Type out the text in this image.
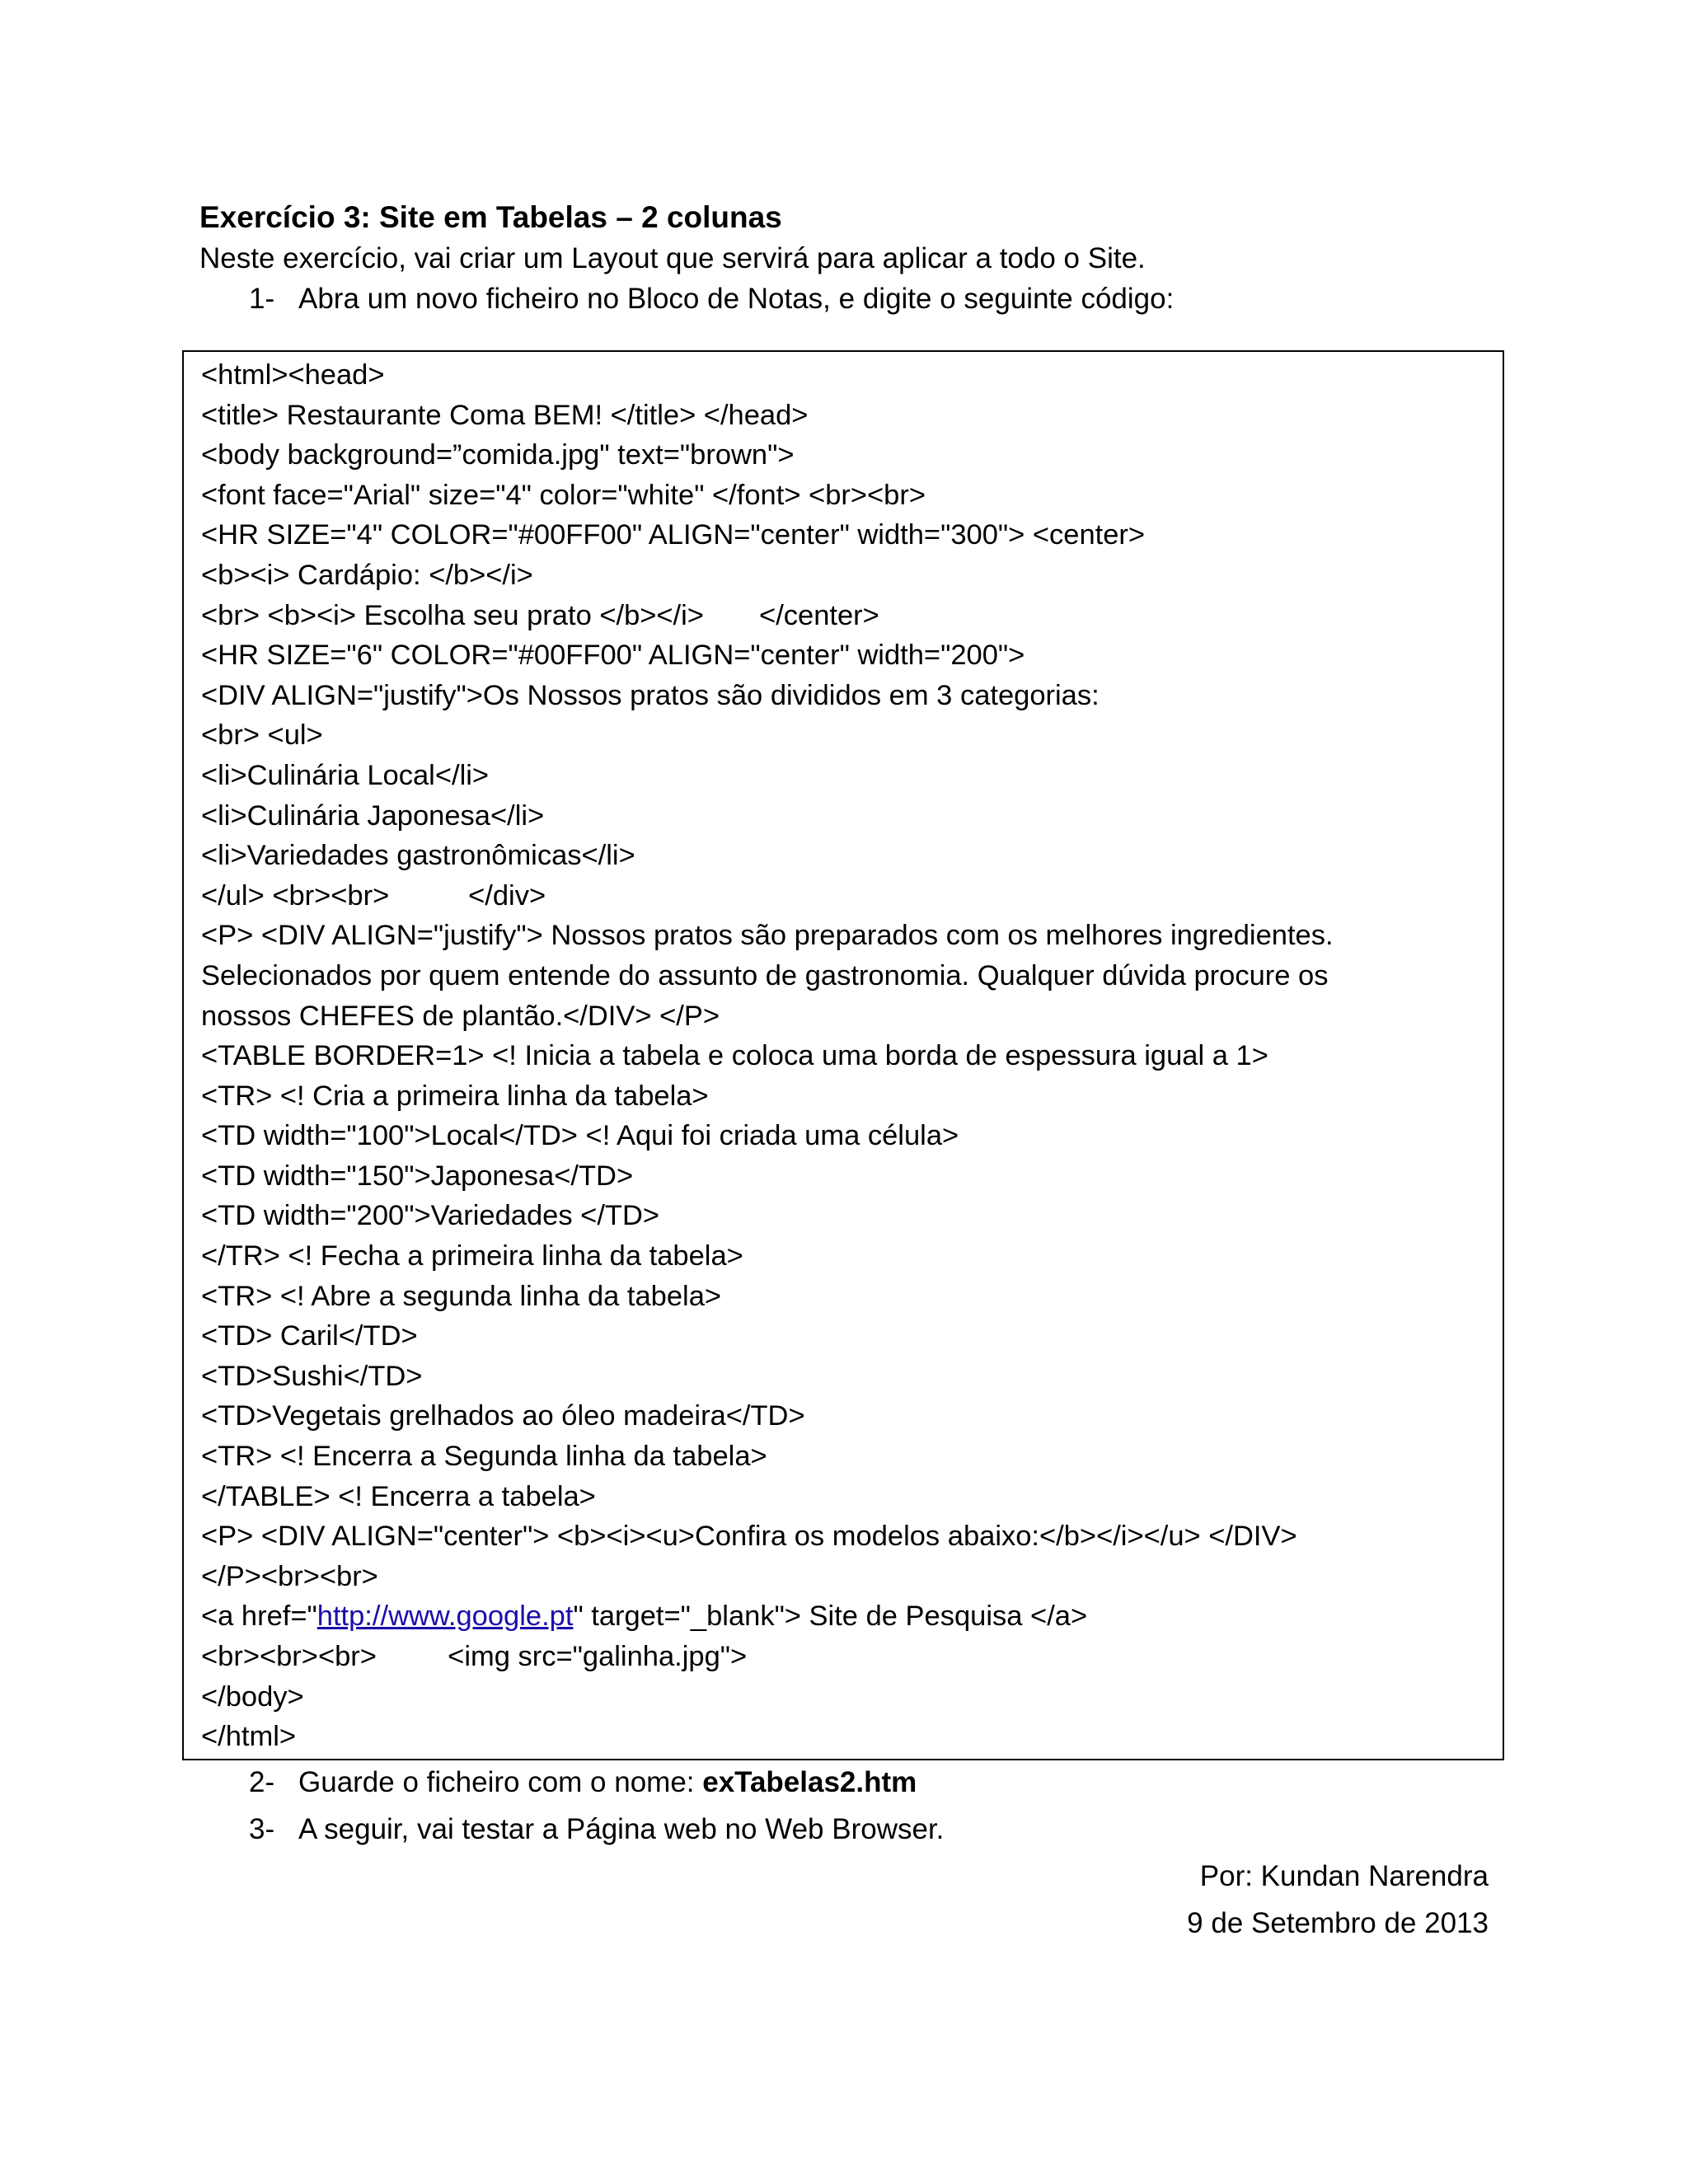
Exercício 3: Site em Tabelas – 2 colunas
Neste exercício, vai criar um Layout que servirá para aplicar a todo o Site.
1- Abra um novo ficheiro no Bloco de Notas, e digite o seguinte código:
<html><head>
<title> Restaurante Coma BEM! </title> </head>
<body background=”comida.jpg" text="brown">
<font face="Arial" size="4" color="white" </font> <br><br>
<HR SIZE="4" COLOR="#00FF00" ALIGN="center" width="300"> <center>
<b><i> Cardápio: </b></i>
<br> <b><i> Escolha seu prato </b></i>       </center>
<HR SIZE="6" COLOR="#00FF00" ALIGN="center" width="200">
<DIV ALIGN="justify">Os Nossos pratos são divididos em 3 categorias:
<br> <ul>
<li>Culinária Local</li>
<li>Culinária Japonesa</li>
<li>Variedades gastronômicas</li>
</ul> <br><br>          </div>
<P> <DIV ALIGN="justify"> Nossos pratos são preparados com os melhores ingredientes.
Selecionados por quem entende do assunto de gastronomia. Qualquer dúvida procure os
nossos CHEFES de plantão.</DIV> </P>
<TABLE BORDER=1> <! Inicia a tabela e coloca uma borda de espessura igual a 1>
<TR> <! Cria a primeira linha da tabela>
<TD width="100">Local</TD> <! Aqui foi criada uma célula>
<TD width="150">Japonesa</TD>
<TD width="200">Variedades </TD>
</TR> <! Fecha a primeira linha da tabela>
<TR> <! Abre a segunda linha da tabela>
<TD> Caril</TD>
<TD>Sushi</TD>
<TD>Vegetais grelhados ao óleo madeira</TD>
<TR> <! Encerra a Segunda linha da tabela>
</TABLE> <! Encerra a tabela>
<P> <DIV ALIGN="center"> <b><i><u>Confira os modelos abaixo:</b></i></u> </DIV>
</P><br><br>
<a href="http://www.google.pt" target="_blank"> Site de Pesquisa </a>
<br><br><br>         <img src="galinha.jpg">
</body>
</html>
2- Guarde o ficheiro com o nome: exTabelas2.htm
3- A seguir, vai testar a Página web no Web Browser.
Por: Kundan Narendra
9 de Setembro de 2013
